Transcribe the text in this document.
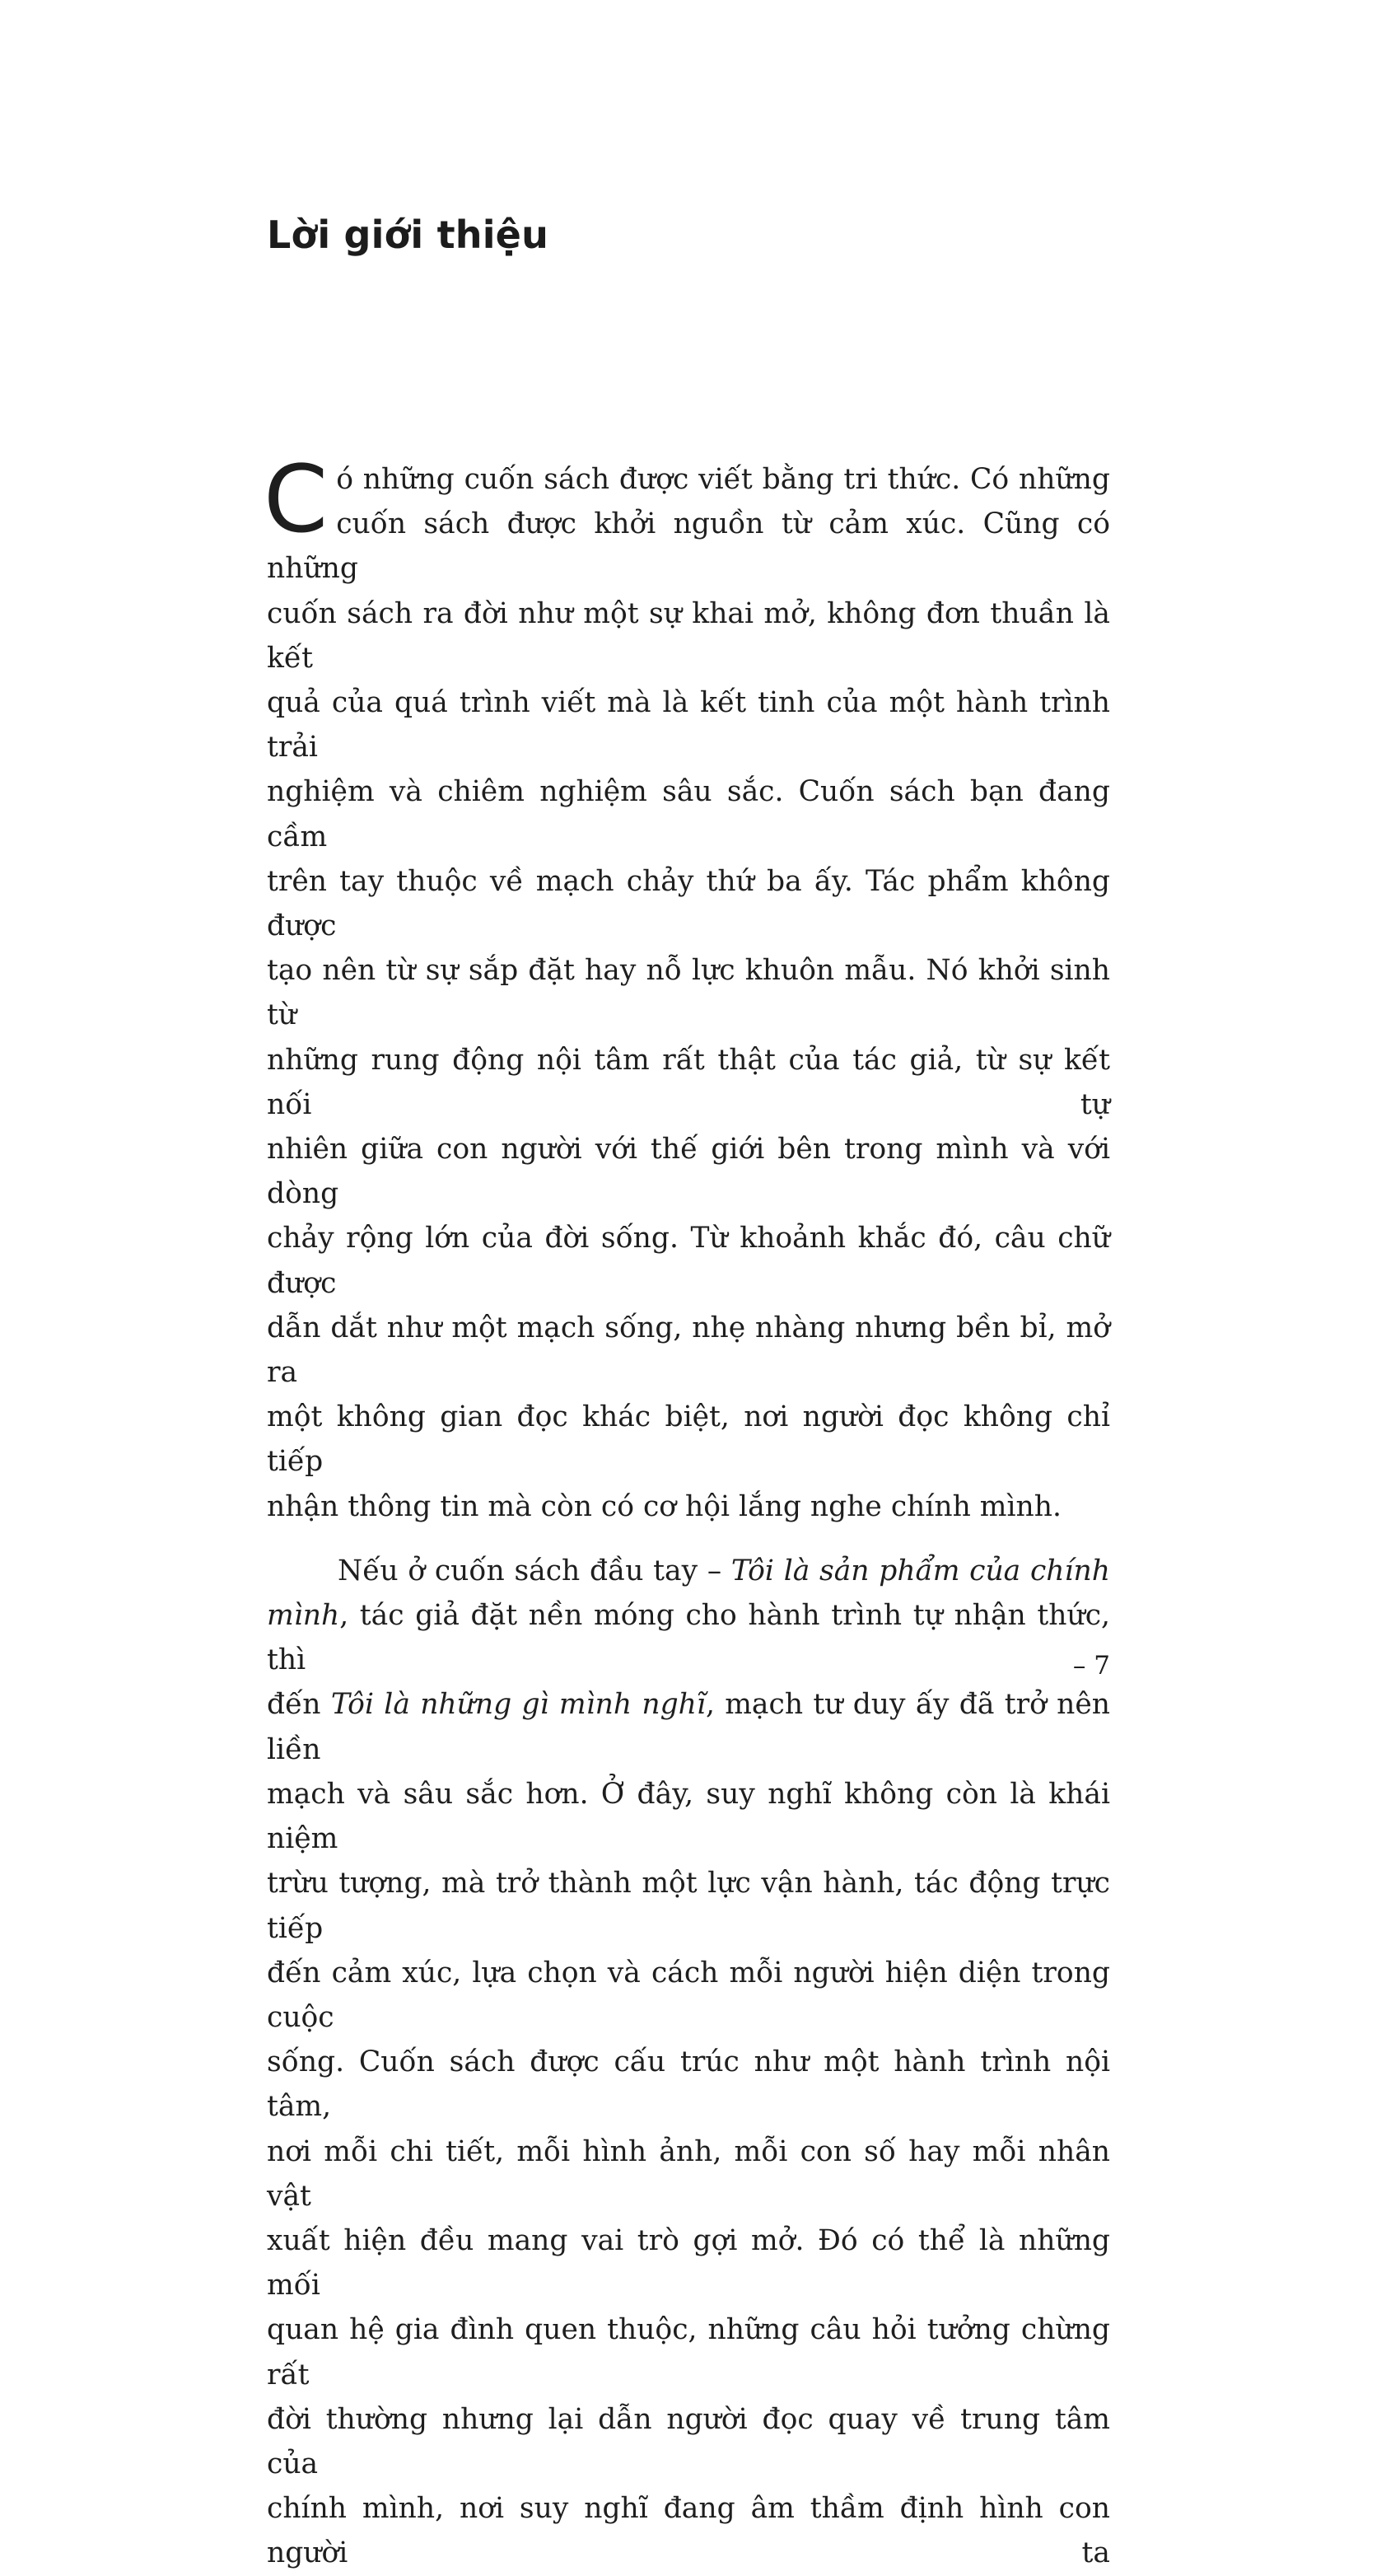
Lời giới thiệu
C ó những cuốn sách được viết bằng tri thức. Có những
cuốn sách được khởi nguồn từ cảm xúc. Cũng có những
cuốn sách ra đời như một sự khai mở, không đơn thuần là kết
quả của quá trình viết mà là kết tinh của một hành trình trải
nghiệm và chiêm nghiệm sâu sắc. Cuốn sách bạn đang cầm
trên tay thuộc về mạch chảy thứ ba ấy. Tác phẩm không được
tạo nên từ sự sắp đặt hay nỗ lực khuôn mẫu. Nó khởi sinh từ
những rung động nội tâm rất thật của tác giả, từ sự kết nối tự
nhiên giữa con người với thế giới bên trong mình và với dòng
chảy rộng lớn của đời sống. Từ khoảnh khắc đó, câu chữ được
dẫn dắt như một mạch sống, nhẹ nhàng nhưng bền bỉ, mở ra
một không gian đọc khác biệt, nơi người đọc không chỉ tiếp
nhận thông tin mà còn có cơ hội lắng nghe chính mình.
Nếu ở cuốn sách đầu tay – Tôi là sản phẩm của chính
mình, tác giả đặt nền móng cho hành trình tự nhận thức, thì
đến Tôi là những gì mình nghĩ, mạch tư duy ấy đã trở nên liền
mạch và sâu sắc hơn. Ở đây, suy nghĩ không còn là khái niệm
trừu tượng, mà trở thành một lực vận hành, tác động trực tiếp
đến cảm xúc, lựa chọn và cách mỗi người hiện diện trong cuộc
sống. Cuốn sách được cấu trúc như một hành trình nội tâm,
nơi mỗi chi tiết, mỗi hình ảnh, mỗi con số hay mỗi nhân vật
xuất hiện đều mang vai trò gợi mở. Đó có thể là những mối
quan hệ gia đình quen thuộc, những câu hỏi tưởng chừng rất
đời thường nhưng lại dẫn người đọc quay về trung tâm của
chính mình, nơi suy nghĩ đang âm thầm định hình con người ta
– 7
